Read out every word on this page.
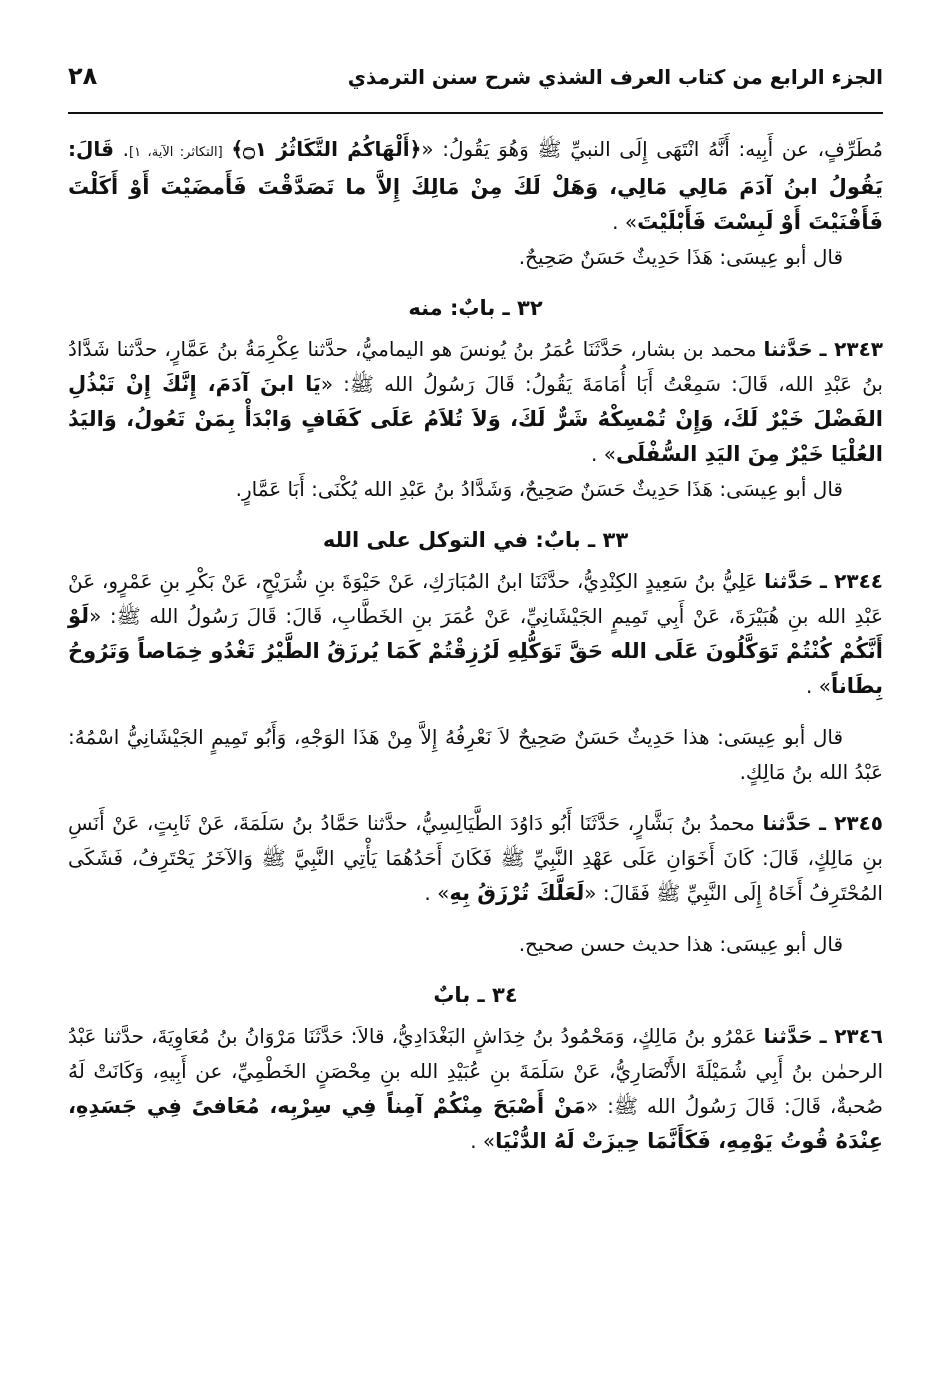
الجزء الرابع من كتاب العرف الشذي شرح سنن الترمذي
٢٨

مُطَرِّفٍ، عن أَبِيه: أَنَّهُ انْتَهَى إِلَى النبيِّ ﷺ وَهُوَ يَقُولُ: «﴿أَلْهَاكُمُ التَّكَاثُرُ ۝١﴾ [التكاثر: الآية، ١]. قَالَ: يَقُولُ ابنُ آدَمَ مَالِي مَالِي، وَهَلْ لَكَ مِنْ مَالِكَ إِلاَّ ما تَصَدَّقْتَ فَأَمضَيْتَ أَوْ أَكَلْتَ فَأَفْنَيْتَ أَوْ لَبِسْتَ فَأَبْلَيْتَ» .

قال أبو عِيسَى: هَذَا حَدِيثٌ حَسَنٌ صَحِيحٌ.

٣٢ ـ بابٌ: منه

٢٣٤٣ ـ حَدَّثنا محمد بن بشار، حَدَّثَنَا عُمَرُ بنُ يُونسَ هو اليماميُّ، حدَّثنا عِكْرِمَةُ بنُ عَمَّارٍ، حدَّثنا شَدَّادُ بنُ عَبْدِ الله، قَالَ: سَمِعْتُ أَبَا أُمَامَةَ يَقُولُ: قَالَ رَسُولُ الله ﷺ: «يَا ابنَ آدَمَ، إِنَّكَ إِنْ تَبْذُلِ الفَضْلَ خَيْرٌ لَكَ، وَإِنْ تُمْسِكْهُ شَرٌّ لَكَ، وَلاَ تُلاَمُ عَلَى كَفَافٍ وَابْدَأْ بِمَنْ تَعُولُ، وَاليَدُ العُلْيَا خَيْرٌ مِنَ اليَدِ السُّفْلَى» .

قال أبو عِيسَى: هَذَا حَدِيثٌ حَسَنٌ صَحِيحٌ، وَشَدَّادُ بنُ عَبْدِ الله يُكْنَى: أَبَا عَمَّارٍ.

٣٣ ـ بابٌ: في التوكل على الله

٢٣٤٤ ـ حَدَّثنا عَلِيُّ بنُ سَعِيدٍ الكِنْدِيُّ، حدَّثَنَا ابنُ المُبَارَكِ، عَنْ حَيْوَةَ بنِ شُرَيْحٍ، عَنْ بَكْرِ بنِ عَمْرٍو، عَنْ عَبْدِ الله بنِ هُبَيْرَةَ، عَنْ أَبِي تَمِيمٍ الجَيْشَانِيِّ، عَنْ عُمَرَ بنِ الخَطَّابِ، قَالَ: قَالَ رَسُولُ الله ﷺ: «لَوْ أَنَّكُمْ كُنْتُمْ تَوَكَّلُونَ عَلَى الله حَقَّ تَوَكُّلِهِ لَرُزِقْتُمْ كَمَا يُرزَقُ الطَّيْرُ تَغْدُو خِمَاصاً وَتَرُوحُ بِطَاناً» .

قال أبو عِيسَى: هذا حَدِيثٌ حَسَنٌ صَحِيحٌ لاَ نَعْرِفُهُ إِلاَّ مِنْ هَذَا الوَجْهِ، وَأَبُو تَمِيمٍ الجَيْشَانِيُّ اسْمُهُ: عَبْدُ الله بنُ مَالِكٍ.

٢٣٤٥ ـ حَدَّثنا محمدُ بنُ بَشَّارٍ، حَدَّثَنَا أَبُو دَاوُدَ الطَّيَالِسِيُّ، حدَّثنا حَمَّادُ بنُ سَلَمَةَ، عَنْ ثَابِتٍ، عَنْ أَنَسِ بنِ مَالِكٍ، قَالَ: كَانَ أَخَوَانِ عَلَى عَهْدِ النَّبِيِّ ﷺ فَكَانَ أَحَدُهُمَا يَأْتِي النَّبِيَّ ﷺ وَالآخَرُ يَحْتَرِفُ، فَشَكَى المُحْتَرِفُ أَخَاهُ إِلَى النَّبِيِّ ﷺ فَقَالَ: «لَعَلَّكَ تُرْزَقُ بِهِ» .

قال أبو عِيسَى: هذا حديث حسن صحيح.

٣٤ ـ بابٌ

٢٣٤٦ ـ حَدَّثنا عَمْرُو بنُ مَالِكٍ، وَمَحْمُودُ بنُ خِدَاشٍ البَغْدَادِيُّ، قالاَ: حَدَّثَنَا مَرْوَانُ بنُ مُعَاوِيَةَ، حدَّثنا عَبْدُ الرحمٰن بنُ أَبِي شُمَيْلَةَ الأَنْصَارِيُّ، عَنْ سَلَمَةَ بنِ عُبَيْدِ الله بنِ مِحْصَنٍ الخَطْمِيِّ، عن أَبِيهِ، وَكَانَتْ لَهُ صُحبةٌ، قَالَ: قَالَ رَسُولُ الله ﷺ: «مَنْ أَصْبَحَ مِنْكُمْ آمِناً فِي سِرْبِه، مُعَافىً فِي جَسَدِهِ، عِنْدَهُ قُوتُ يَوْمِهِ، فَكَأَنَّمَا حِيزَتْ لَهُ الدُّنْيَا» .
